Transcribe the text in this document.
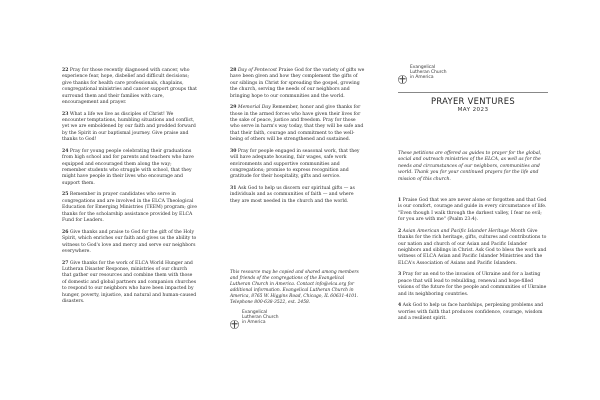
22 Pray for those recently diagnosed with cancer, who experience fear, hope, disbelief and difficult decisions; give thanks for health care professionals, chaplains, congregational ministries and cancer support groups that surround them and their families with care, encouragement and prayer.

23 What a life we live as disciples of Christ! We encounter temptations, humbling situations and conflict, yet we are emboldened by our faith and prodded forward by the Spirit in our baptismal journey. Give praise and thanks to God!

24 Pray for young people celebrating their graduations from high school and for parents and teachers who have equipped and encouraged them along the way; remember students who struggle with school, that they might have people in their lives who encourage and support them.

25 Remember in prayer candidates who serve in congregations and are involved in the ELCA Theological Education for Emerging Ministries (TEEM) program; give thanks for the scholarship assistance provided by ELCA Fund for Leaders.

26 Give thanks and praise to God for the gift of the Holy Spirit, which enriches our faith and gives us the ability to witness to God's love and mercy and serve our neighbors everywhere.

27 Give thanks for the work of ELCA World Hunger and Lutheran Disaster Response, ministries of our church that gather our resources and combine them with those of domestic and global partners and companion churches to respond to our neighbors who have been impacted by hunger, poverty, injustice, and natural and human-caused disasters.

28 Day of Pentecost Praise God for the variety of gifts we have been given and how they complement the gifts of our siblings in Christ for spreading the gospel, growing the church, serving the needs of our neighbors and bringing hope to our communities and the world.

29 Memorial Day Remember, honor and give thanks for those in the armed forces who have given their lives for the sake of peace, justice and freedom. Pray for those who serve in harm's way today, that they will be safe and that their faith, courage and commitment to the well-being of others will be strengthened and sustained.

30 Pray for people engaged in seasonal work, that they will have adequate housing, fair wages, safe work environments and supportive communities and congregations; promise to express recognition and gratitude for their hospitality, gifts and service.

31 Ask God to help us discern our spiritual gifts — as individuals and as communities of faith — and where they are most needed in the church and the world.

This resource may be copied and shared among members and friends of the congregations of the Evangelical Lutheran Church in America. Contact info@elca.org for additional information. Evangelical Lutheran Church in America, 8765 W. Higgins Road, Chicago, IL 60631-4101. Telephone 800-638-3522, ext. 2458.
Evangelical
Lutheran Church
in America
Evangelical
Lutheran Church
in America
PRAYER VENTURES
MAY 2023
These petitions are offered as guides to prayer for the global, social and outreach ministries of the ELCA, as well as for the needs and circumstances of our neighbors, communities and world. Thank you for your continued prayers for the life and mission of this church.

1 Praise God that we are never alone or forgotten and that God is our comfort, courage and guide in every circumstance of life. "Even though I walk through the darkest valley, I fear no evil; for you are with me" (Psalm 23:4).

2 Asian American and Pacific Islander Heritage Month Give thanks for the rich heritage, gifts, cultures and contributions to our nation and church of our Asian and Pacific Islander neighbors and siblings in Christ. Ask God to bless the work and witness of ELCA Asian and Pacific Islander Ministries and the ELCA's Association of Asians and Pacific Islanders.

3 Pray for an end to the invasion of Ukraine and for a lasting peace that will lead to rebuilding, renewal and hope-filled visions of the future for the people and communities of Ukraine and its neighboring countries.

4 Ask God to help us face hardships, perplexing problems and worries with faith that produces confidence, courage, wisdom and a resilient spirit.
